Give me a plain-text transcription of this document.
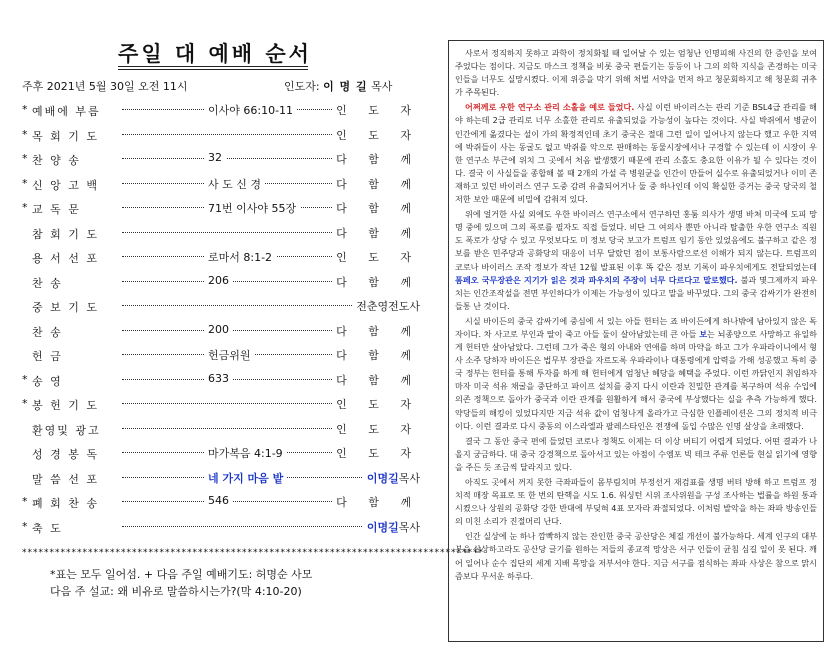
주일 대 예배 순서
주후 2021년 5월 30일 오전 11시	인도자: 이 명 길 목사
* 예배에 부름	이사야 66:10-11	인 도 자
* 목 회 기 도	인 도 자
* 찬 양 송	32	다 함 께
* 신 앙 고 백	사 도 신 경	다 함 께
* 교 독 문	71번 이사야 55장	다 함 께
참 회 기 도	다 함 께
용 서 선 포	로마서 8:1-2	인 도 자
찬 송	206	다 함 께
중 보 기 도	전춘영전도사
찬 송	200	다 함 께
헌 금	헌금위원	다 함 께
* 송 영	633	다 함 께
* 봉 헌 기 도	인 도 자
환영및 광고	인 도 자
성 경 봉 독	마가복음 4:1-9	인 도 자
말 씀 선 포	네 가지 마음 밭	이명길목사
* 폐 회 찬 송	546	다 함 께
* 축 도	이명길목사
************************************************************************************
*표는 모두 일어섬. + 다음 주일 예배기도: 허명순 사모
다음 주 설교: 왜 비유로 말씀하시는가?(막 4:10-20)

사로서 정직하지 못하고 과학이 정치화될 때 일어날 수 있는 엄청난 인명피해 사건의 한 증인을 보여주었다는 점이다. 지금도 마스크 정책을 비롯 중국 편들기는 등등이 나 그의 의학 지식을 존경하는 미국인들을 너무도 실망시켰다. 이제 위증을 막기 위해 처벌 서약을 먼저 하고 청문회하지고 해 청문회 귀추가 주목된다.

어쩌께로 우한 연구소 관리 소홀을 예로 들었다. 사실 이런 바이러스는 관리 기준 BSL4급 관리를 해야 하는데 2급 관리로 너무 소홀한 관리로 유출되었을 가능성이 높다는 것이다. 사실 박쥐에서 병균이 인간에게 옮겼다는 설이 가의 확정적인데 초기 중국은 절대 그런 일이 일어나지 않는다 했고 우한 지역에 박쥐들이 사는 동굴도 없고 박쥐를 악으로 판매하는 동물시장에서나 구경할 수 있는데 이 시장이 우한 연구소 부근에 위치 그 곳에서 처음 발생했기 때문에 관리 소홀도 충요한 이유가 될 수 있다는 것이다. 결국 이 사실들을 종합해 볼 때 2개의 가설 즉 병원균을 인간이 만들어 실수로 유출되었거나 이미 존재하고 있던 바이러스 연구 도중 감려 유출되어거나 둘 중 하나인데 이익 확실한 증거는 중국 당국의 철저한 보안 때문에 비밀에 감춰져 있다.

위에 얼거한 사실 외에도 우한 바이러스 연구소에서 연구하던 홍툼 의사가 생명 바쳐 미국에 도피 망명 중에 있으며 그의 폭로를 필자도 직접 들었다. 비단 그 여의사 뿐만 아니라 탈출한 우한 연구소 직원도 폭로가 상당 수 있고 무엇보다도 미 정보 당국 보고가 트럼프 임기 동안 있었음에도 불구하고 같은 정보를 받은 민주당과 공화당의 대응이 너무 달랐던 점이 보통사람으로선 이해가 되지 않는다. 트럼프의 코로나 바이러스 조작 정보가 작년 12월 발표된 이후 똑 같은 정보 기록이 파우치에게도 전달되었는데 폼페오 국무장관은 지기가 읽은 것과 파우치의 주장이 너무 다르다고 말로했다. 불과 몇그제까지 파우치는 인간조작설을 전면 부인하다가 이제는 가능성이 있다고 말을 바꾸었다. 그의 중국 감싸기가 완전히 들통 난 것이다.

시실 바이든의 중국 감싸기에 중심에 서 있는 아들 헌터는 죠 바이든에게 하나밖에 남아있지 않은 독자이다. 차 사고로 부인과 딸이 죽고 아들 둘이 살아남았는데 큰 아들 보는 뇌종양으로 사망하고 유일하게 헌터만 살아남았다. 그런데 그가 죽은 형의 아내와 연애를 하며 마약을 하고 그가 우파라이니에서 형사 소주 당하자 바이든은 법무부 장관을 자르도록 우파라이나 대통령에게 압력을 가해 성공했고 특히 중국 정부는 헌터를 통해 투자를 하게 해 헌터에게 엄청난 혜당을 혜택을 주었다. 이런 까닭인지 취임하자마자 미국 석유 채굴을 중단하고 파이프 설치를 중지 다시 이란과 친밀한 관계를 복구하며 석유 수입에 의존 정책으로 돌아가 중국과 이란 관계를 원활하게 해서 중국에 부상했다는 실을 추측 가능하게 했다. 약당들의 해킹이 있었다지만 지금 석유 값이 엄청나게 올라가고 극심한 인플레이션은 그의 정치적 비극이다. 이런 결과로 다시 중동의 이스라엘과 팔레스타인은 전쟁에 돌입 수많은 인명 살상을 초래했다.

결국 그 동안 중국 편에 들었던 코로나 정책도 이제는 더 이상 버티기 어렵게 되었다. 어떤 결과가 나올지 궁금하다. 대 중국 강경책으로 돌아서고 있는 아점이 수엠포 빅 테크 주류 언론들 현실 읽기에 영향을 주든 듯 조금씩 달라지고 있다.

아직도 곳에서 꺼지 못한 극좌파들이 몸부림치며 부정선거 재검표를 생명 버텨 방해 하고 트럼프 정치적 매장 목표로 또 한 번의 탄핵을 시도 1.6. 워싱턴 시위 조사위원을 구성 조사하는 법률을 하원 통과시켰으나 상원의 공화당 강한 반대에 부딪혀 4표 모자라 좌절되었다. 이처럼 발악을 하는 좌파 방송인들의 미친 소리가 진절머리 난다.

인간 실상에 눈 하나 깜빡하지 않는 잔인한 중국 공산당은 체질 개선이 불가능하다. 세계 인구의 대부분을 살상하고라도 공산당 글기를 원하는 저들의 종교적 망상은 서구 인들이 균침 심길 일이 못 된다. 깨어 일어나 순수 집단의 세계 지배 목망을 저부서야 한다. 지금 서구를 점식하는 좌파 사상은 참으로 맑시즘보다 무서운 하루다.
